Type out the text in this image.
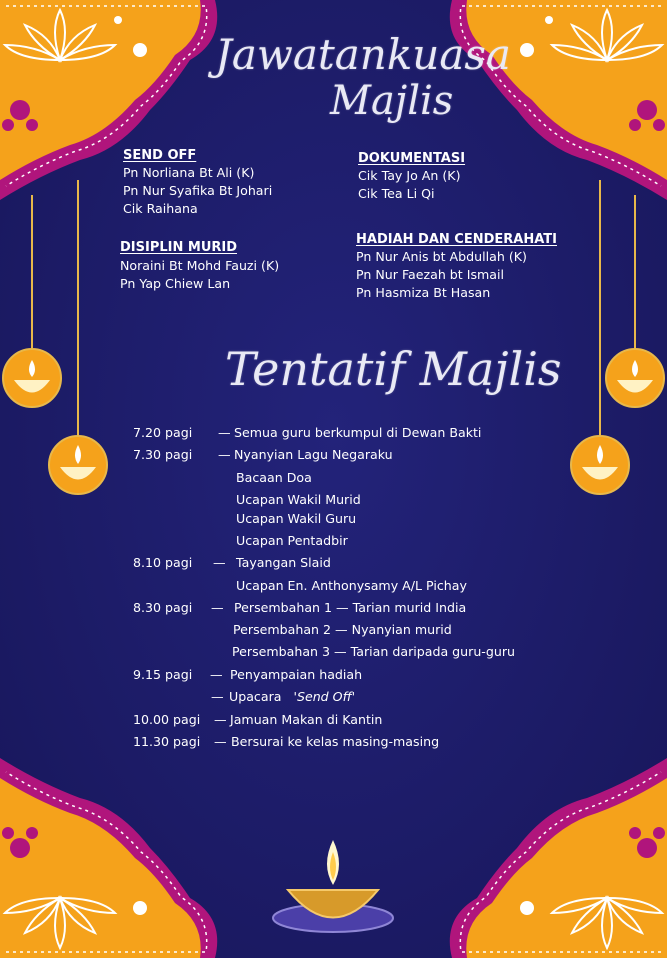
Jawatankuasa
Majlis
SEND OFF
Pn Norliana Bt Ali (K)
Pn Nur Syafika Bt Johari
Cik Raihana
DOKUMENTASI
Cik Tay Jo An (K)
Cik Tea Li Qi
DISIPLIN MURID
Noraini Bt Mohd Fauzi (K)
Pn Yap Chiew Lan
HADIAH DAN CENDERAHATI
Pn Nur Anis bt Abdullah (K)
Pn Nur Faezah bt Ismail
Pn Hasmiza Bt Hasan
Tentatif Majlis
7.20 pagi — Semua guru berkumpul di Dewan Bakti
7.30 pagi — Nyanyian Lagu Negaraku
Bacaan Doa
Ucapan Wakil Murid
Ucapan Wakil Guru
Ucapan Pentadbir
8.10 pagi — Tayangan Slaid
Ucapan En. Anthonysamy A/L Pichay
8.30 pagi — Persembahan 1 — Tarian murid India
Persembahan 2 — Nyanyian murid
Persembahan 3 — Tarian daripada guru-guru
9.15 pagi — Penyampaian hadiah
— Upacara 'Send Off'
10.00 pagi — Jamuan Makan di Kantin
11.30 pagi — Bersurai ke kelas masing-masing
